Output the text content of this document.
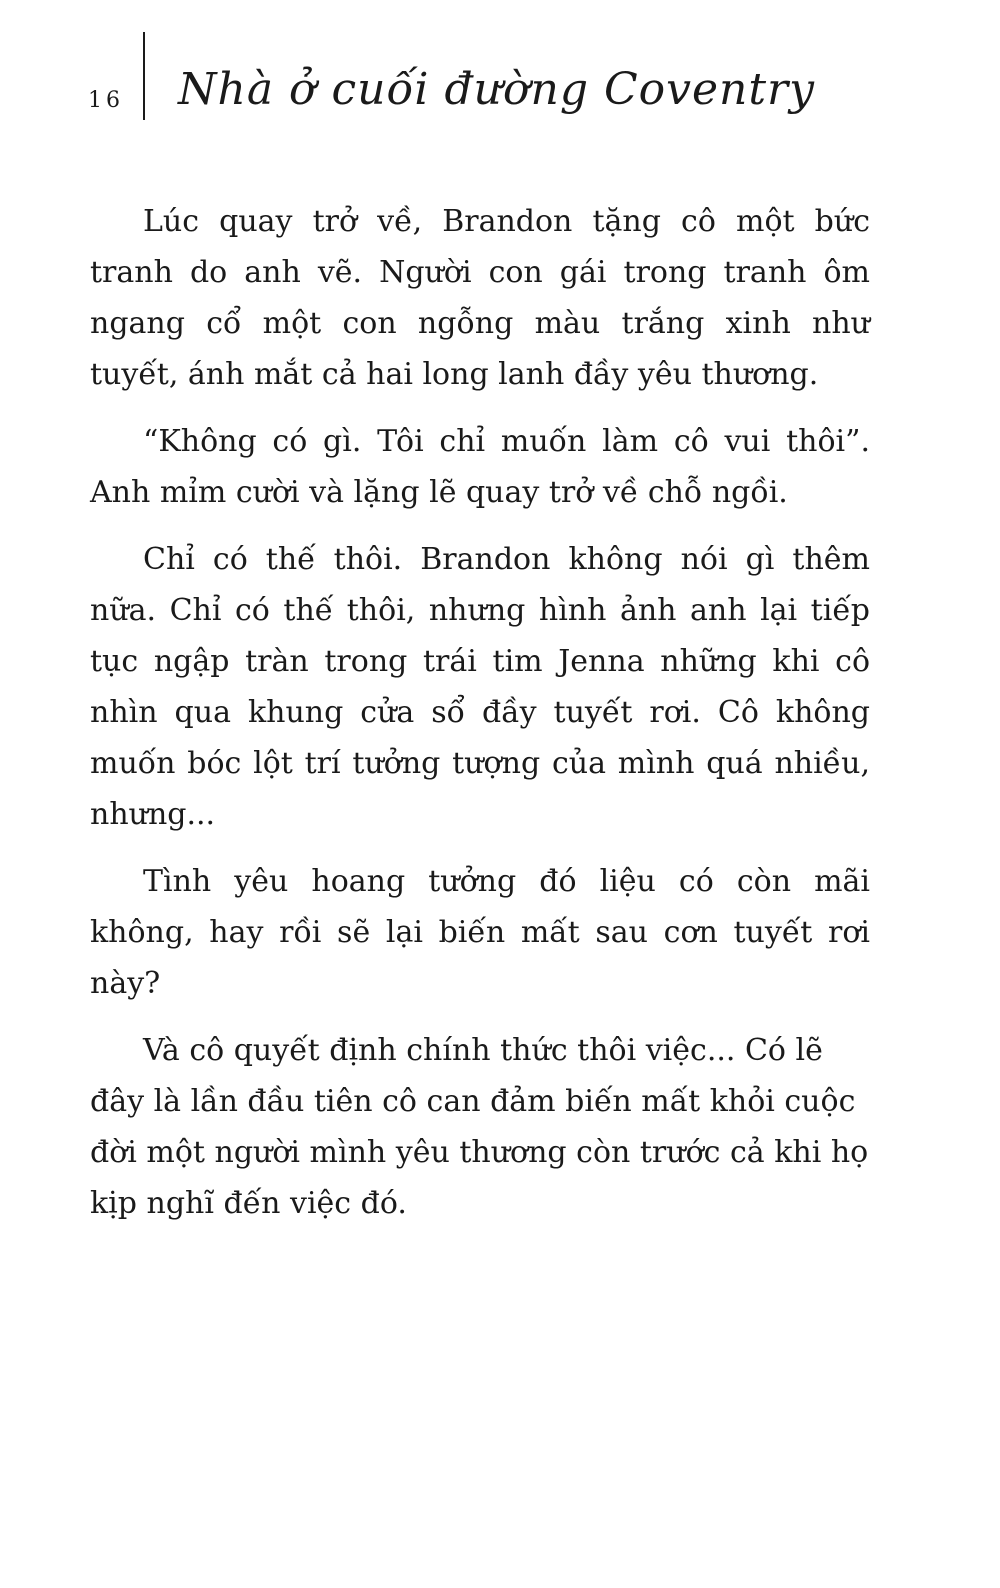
16 Nhà ở cuối đường Coventry

Lúc quay trở về, Brandon tặng cô một bức tranh do anh vẽ. Người con gái trong tranh ôm ngang cổ một con ngỗng màu trắng xinh như tuyết, ánh mắt cả hai long lanh đầy yêu thương.

“Không có gì. Tôi chỉ muốn làm cô vui thôi”. Anh mỉm cười và lặng lẽ quay trở về chỗ ngồi.

Chỉ có thế thôi. Brandon không nói gì thêm nữa. Chỉ có thế thôi, nhưng hình ảnh anh lại tiếp tục ngập tràn trong trái tim Jenna những khi cô nhìn qua khung cửa sổ đầy tuyết rơi. Cô không muốn bóc lột trí tưởng tượng của mình quá nhiều, nhưng...

Tình yêu hoang tưởng đó liệu có còn mãi không, hay rồi sẽ lại biến mất sau cơn tuyết rơi này?

Và cô quyết định chính thức thôi việc... Có lẽ đây là lần đầu tiên cô can đảm biến mất khỏi cuộc đời một người mình yêu thương còn trước cả khi họ kịp nghĩ đến việc đó.
